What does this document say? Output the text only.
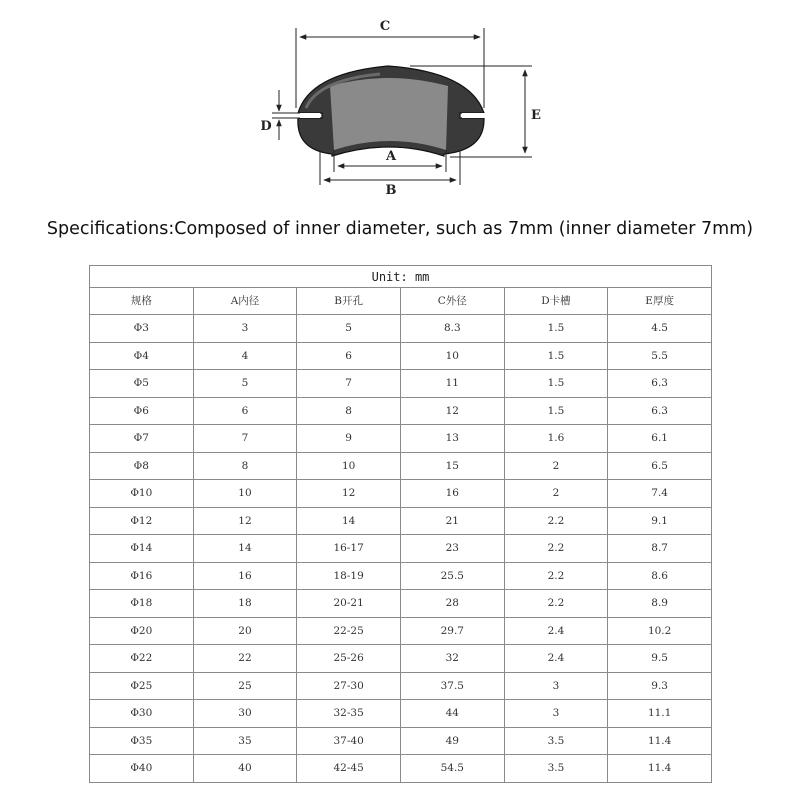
C
E
D
A
B
Specifications:Composed of inner diameter, such as 7mm (inner diameter 7mm)
Unit: mm					
规格	A内径	B开孔	C外径	D卡槽	E厚度
Φ3	3	5	8.3	1.5	4.5
Φ4	4	6	10	1.5	5.5
Φ5	5	7	11	1.5	6.3
Φ6	6	8	12	1.5	6.3
Φ7	7	9	13	1.6	6.1
Φ8	8	10	15	2	6.5
Φ10	10	12	16	2	7.4
Φ12	12	14	21	2.2	9.1
Φ14	14	16-17	23	2.2	8.7
Φ16	16	18-19	25.5	2.2	8.6
Φ18	18	20-21	28	2.2	8.9
Φ20	20	22-25	29.7	2.4	10.2
Φ22	22	25-26	32	2.4	9.5
Φ25	25	27-30	37.5	3	9.3
Φ30	30	32-35	44	3	11.1
Φ35	35	37-40	49	3.5	11.4
Φ40	40	42-45	54.5	3.5	11.4
